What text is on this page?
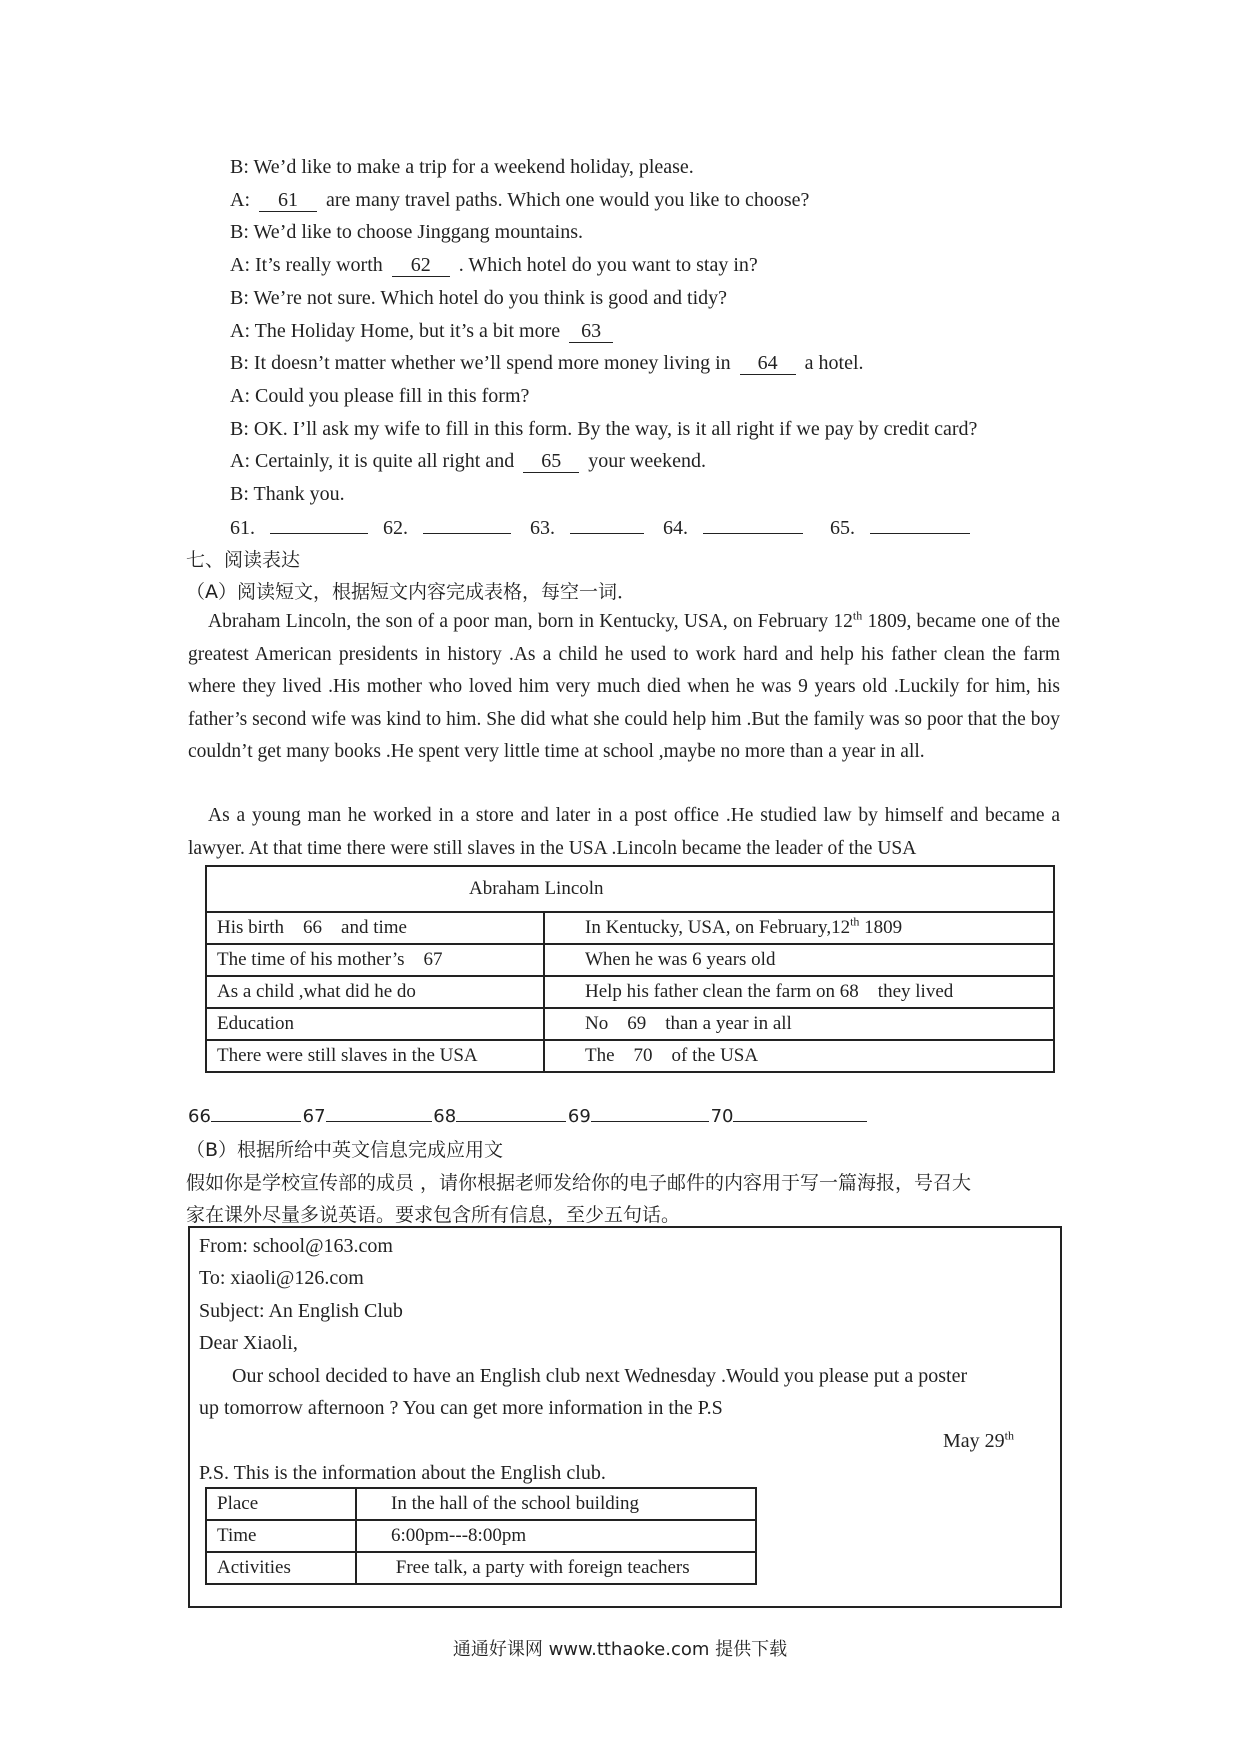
B: We’d like to make a trip for a weekend holiday, please.
A: 61 are many travel paths. Which one would you like to choose?
B: We’d like to choose Jinggang mountains.
A: It’s really worth 62 . Which hotel do you want to stay in?
B: We’re not sure. Which hotel do you think is good and tidy?
A: The Holiday Home, but it’s a bit more 63
B: It doesn’t matter whether we’ll spend more money living in 64 a hotel.
A: Could you please fill in this form?
B: OK. I’ll ask my wife to fill in this form. By the way, is it all right if we pay by credit card?
A: Certainly, it is quite all right and 65 your weekend.
B: Thank you.
61.	62.	63.	64.	65.
七、阅读表达
（A）阅读短文，根据短文内容完成表格，每空一词．
Abraham Lincoln, the son of a poor man, born in Kentucky, USA, on February 12th 1809, became one of the greatest American presidents in history .As a child he used to work hard and help his father clean the farm where they lived .His mother who loved him very much died when he was 9 years old .Luckily for him, his father’s second wife was kind to him. She did what she could help him .But the family was so poor that the boy couldn’t get many books .He spent very little time at school ,maybe no more than a year in all.
As a young man he worked in a store and later in a post office .He studied law by himself and became a lawyer. At that time there were still slaves in the USA .Lincoln became the leader of the USA
Abraham Lincoln	
His birth    66    and time	In Kentucky, USA, on February,12th 1809
The time of his mother’s    67	When he was 6 years old
As a child ,what did he do	Help his father clean the farm on 68    they lived
Education	No    69    than a year in all
There were still slaves in the USA	The    70    of the USA
66	67	68	69	70
（B）根据所给中英文信息完成应用文
假如你是学校宣传部的成员 ，请你根据老师发给你的电子邮件的内容用于写一篇海报，号召大
家在课外尽量多说英语。要求包含所有信息，至少五句话。
From: school@163.com
To: xiaoli@126.com
Subject: An English Club
Dear Xiaoli,
Our school decided to have an English club next Wednesday .Would you please put a poster
up tomorrow afternoon ? You can get more information in the P.S
May 29th
P.S. This is the information about the English club.
Place	In the hall of the school building
Time	6:00pm---8:00pm
Activities	Free talk, a party with foreign teachers
通通好课网 www.tthaoke.com 提供下载
